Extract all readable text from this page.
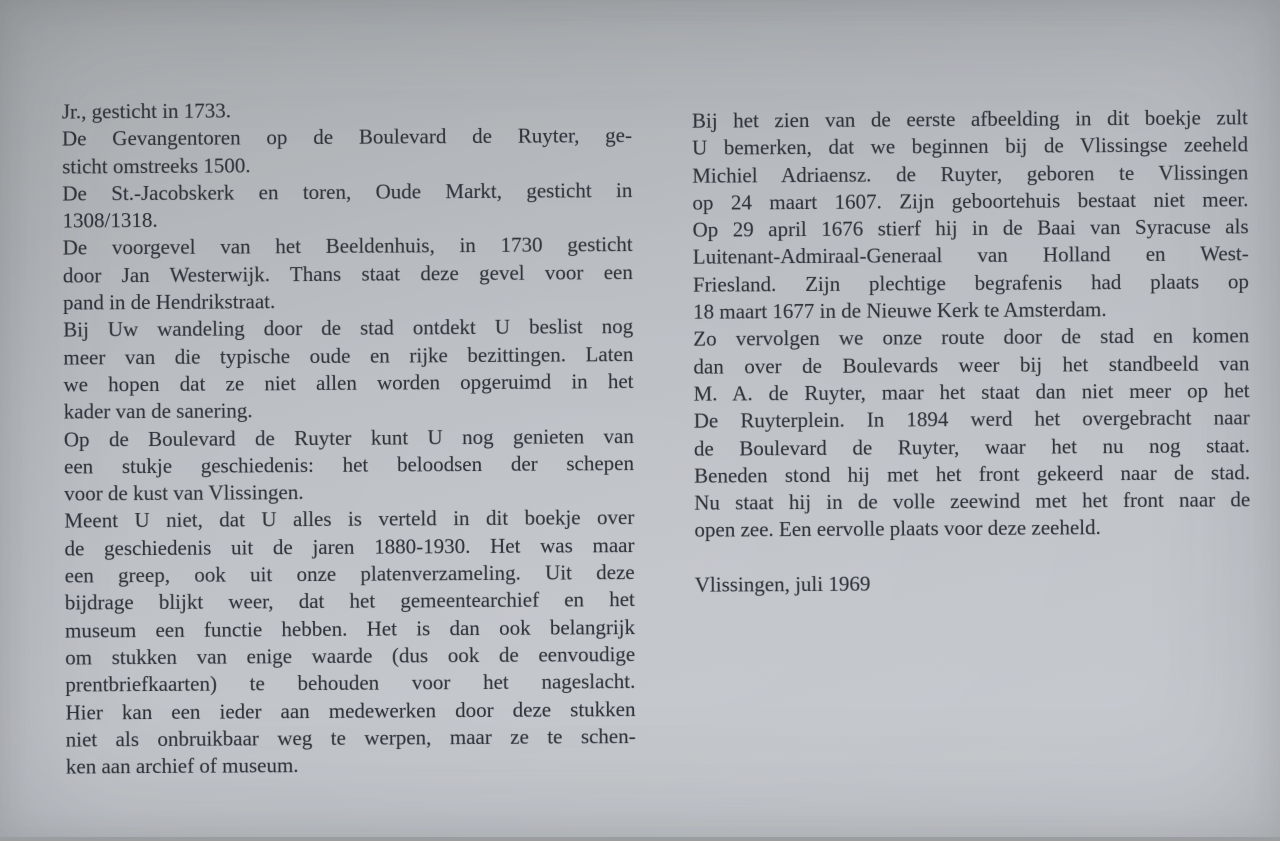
Jr., gesticht in 1733.
De Gevangentoren op de Boulevard de Ruyter, ge-
sticht omstreeks 1500.
De St.-Jacobskerk en toren, Oude Markt, gesticht in
1308/1318.
De voorgevel van het Beeldenhuis, in 1730 gesticht
door Jan Westerwijk. Thans staat deze gevel voor een
pand in de Hendrikstraat.
Bij Uw wandeling door de stad ontdekt U beslist nog
meer van die typische oude en rijke bezittingen. Laten
we hopen dat ze niet allen worden opgeruimd in het
kader van de sanering.
Op de Boulevard de Ruyter kunt U nog genieten van
een stukje geschiedenis: het beloodsen der schepen
voor de kust van Vlissingen.
Meent U niet, dat U alles is verteld in dit boekje over
de geschiedenis uit de jaren 1880-1930. Het was maar
een greep, ook uit onze platenverzameling. Uit deze
bijdrage blijkt weer, dat het gemeentearchief en het
museum een functie hebben. Het is dan ook belangrijk
om stukken van enige waarde (dus ook de eenvoudige
prentbriefkaarten) te behouden voor het nageslacht.
Hier kan een ieder aan medewerken door deze stukken
niet als onbruikbaar weg te werpen, maar ze te schen-
ken aan archief of museum.
Bij het zien van de eerste afbeelding in dit boekje zult
U bemerken, dat we beginnen bij de Vlissingse zeeheld
Michiel Adriaensz. de Ruyter, geboren te Vlissingen
op 24 maart 1607. Zijn geboortehuis bestaat niet meer.
Op 29 april 1676 stierf hij in de Baai van Syracuse als
Luitenant-Admiraal-Generaal van Holland en West-
Friesland. Zijn plechtige begrafenis had plaats op
18 maart 1677 in de Nieuwe Kerk te Amsterdam.
Zo vervolgen we onze route door de stad en komen
dan over de Boulevards weer bij het standbeeld van
M. A. de Ruyter, maar het staat dan niet meer op het
De Ruyterplein. In 1894 werd het overgebracht naar
de Boulevard de Ruyter, waar het nu nog staat.
Beneden stond hij met het front gekeerd naar de stad.
Nu staat hij in de volle zeewind met het front naar de
open zee. Een eervolle plaats voor deze zeeheld.

Vlissingen, juli 1969
